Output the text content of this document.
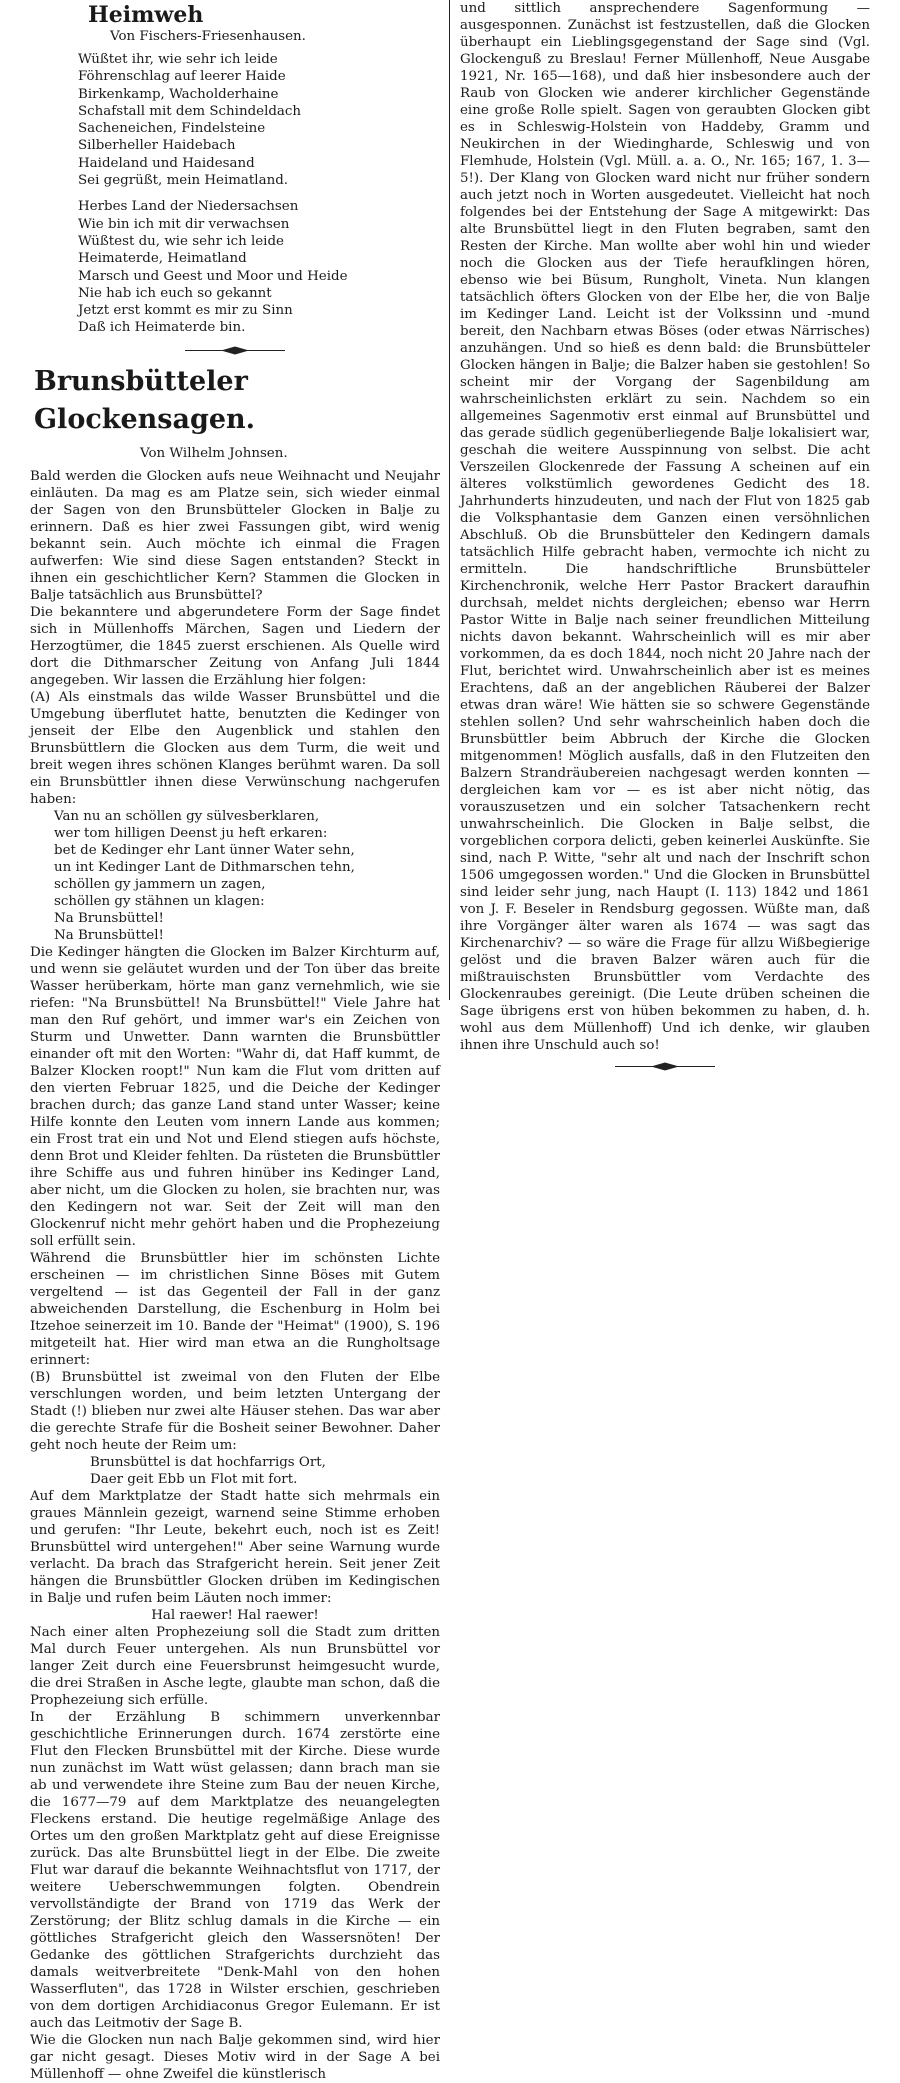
Heimweh
Von Fischers-Friesenhausen.
Wüßtet ihr, wie sehr ich leide
Föhrenschlag auf leerer Haide
Birkenkamp, Wacholderhaine
Schafstall mit dem Schindeldach
Sacheneichen, Findelsteine
Silberheller Haidebach
Haideland und Haidesand
Sei gegrüßt, mein Heimatland.
Herbes Land der Niedersachsen
Wie bin ich mit dir verwachsen
Wüßtest du, wie sehr ich leide
Heimaterde, Heimatland
Marsch und Geest und Moor und Heide
Nie hab ich euch so gekannt
Jetzt erst kommt es mir zu Sinn
Daß ich Heimaterde bin.
Brunsbütteler Glockensagen.
Von Wilhelm Johnsen.

Bald werden die Glocken aufs neue Weihnacht und Neujahr einläuten. Da mag es am Platze sein, sich wieder einmal der Sagen von den Brunsbütteler Glocken in Balje zu erinnern. Daß es hier zwei Fassungen gibt, wird wenig bekannt sein. Auch möchte ich einmal die Fragen aufwerfen: Wie sind diese Sagen entstanden? Steckt in ihnen ein geschichtlicher Kern? Stammen die Glocken in Balje tatsächlich aus Brunsbüttel?

Die bekanntere und abgerundetere Form der Sage findet sich in Müllenhoffs Märchen, Sagen und Liedern der Herzogtümer, die 1845 zuerst erschienen. Als Quelle wird dort die Dithmarscher Zeitung von Anfang Juli 1844 angegeben. Wir lassen die Erzählung hier folgen:

(A) Als einstmals das wilde Wasser Brunsbüttel und die Umgebung überflutet hatte, benutzten die Kedinger von jenseit der Elbe den Augenblick und stahlen den Brunsbüttlern die Glocken aus dem Turm, die weit und breit wegen ihres schönen Klanges berühmt waren. Da soll ein Brunsbüttler ihnen diese Verwünschung nachgerufen haben:

Van nu an schöllen gy sülvesberklaren,
wer tom hilligen Deenst ju heft erkaren:
bet de Kedinger ehr Lant ünner Water sehn,
un int Kedinger Lant de Dithmarschen tehn,
schöllen gy jammern un zagen,
schöllen gy stähnen un klagen:
Na Brunsbüttel!
Na Brunsbüttel!

Die Kedinger hängten die Glocken im Balzer Kirchturm auf, und wenn sie geläutet wurden und der Ton über das breite Wasser herüberkam, hörte man ganz vernehmlich, wie sie riefen: "Na Brunsbüttel! Na Brunsbüttel!" Viele Jahre hat man den Ruf gehört, und immer war's ein Zeichen von Sturm und Unwetter. Dann warnten die Brunsbüttler einander oft mit den Worten: "Wahr di, dat Haff kummt, de Balzer Klocken roopt!" Nun kam die Flut vom dritten auf den vierten Februar 1825, und die Deiche der Kedinger brachen durch; das ganze Land stand unter Wasser; keine Hilfe konnte den Leuten vom innern Lande aus kommen; ein Frost trat ein und Not und Elend stiegen aufs höchste, denn Brot und Kleider fehlten. Da rüsteten die Brunsbüttler ihre Schiffe aus und fuhren hinüber ins Kedinger Land, aber nicht, um die Glocken zu holen, sie brachten nur, was den Kedingern not war. Seit der Zeit will man den Glockenruf nicht mehr gehört haben und die Prophezeiung soll erfüllt sein.

Während die Brunsbüttler hier im schönsten Lichte erscheinen — im christlichen Sinne Böses mit Gutem vergeltend — ist das Gegenteil der Fall in der ganz abweichenden Darstellung, die Eschenburg in Holm bei Itzehoe seinerzeit im 10. Bande der "Heimat" (1900), S. 196 mitgeteilt hat. Hier wird man etwa an die Rungholtsage erinnert:

(B) Brunsbüttel ist zweimal von den Fluten der Elbe verschlungen worden, und beim letzten Untergang der Stadt (!) blieben nur zwei alte Häuser stehen. Das war aber die gerechte Strafe für die Bosheit seiner Bewohner. Daher geht noch heute der Reim um:

Brunsbüttel is dat hochfarrigs Ort,
Daer geit Ebb un Flot mit fort.

Auf dem Marktplatze der Stadt hatte sich mehrmals ein graues Männlein gezeigt, warnend seine Stimme erhoben und gerufen: "Ihr Leute, bekehrt euch, noch ist es Zeit! Brunsbüttel wird untergehen!" Aber seine Warnung wurde verlacht. Da brach das Strafgericht herein. Seit jener Zeit hängen die Brunsbüttler Glocken drüben im Kedingischen in Balje und rufen beim Läuten noch immer:

Hal raewer! Hal raewer!

Nach einer alten Prophezeiung soll die Stadt zum dritten Mal durch Feuer untergehen. Als nun Brunsbüttel vor langer Zeit durch eine Feuersbrunst heimgesucht wurde, die drei Straßen in Asche legte, glaubte man schon, daß die Prophezeiung sich erfülle.

In der Erzählung B schimmern unverkennbar geschichtliche Erinnerungen durch. 1674 zerstörte eine Flut den Flecken Brunsbüttel mit der Kirche. Diese wurde nun zunächst im Watt wüst gelassen; dann brach man sie ab und verwendete ihre Steine zum Bau der neuen Kirche, die 1677—79 auf dem Marktplatze des neuangelegten Fleckens erstand. Die heutige regelmäßige Anlage des Ortes um den großen Marktplatz geht auf diese Ereignisse zurück. Das alte Brunsbüttel liegt in der Elbe. Die zweite Flut war darauf die bekannte Weihnachtsflut von 1717, der weitere Ueberschwemmungen folgten. Obendrein vervollständigte der Brand von 1719 das Werk der Zerstörung; der Blitz schlug damals in die Kirche — ein göttliches Strafgericht gleich den Wassersnöten! Der Gedanke des göttlichen Strafgerichts durchzieht das damals weitverbreitete "Denk-Mahl von den hohen Wasserfluten", das 1728 in Wilster erschien, geschrieben von dem dortigen Archidiaconus Gregor Eulemann. Er ist auch das Leitmotiv der Sage B.

Wie die Glocken nun nach Balje gekommen sind, wird hier gar nicht gesagt. Dieses Motiv wird in der Sage A bei Müllenhoff — ohne Zweifel die künstlerisch

und sittlich ansprechendere Sagenformung — ausgesponnen. Zunächst ist festzustellen, daß die Glocken überhaupt ein Lieblingsgegenstand der Sage sind (Vgl. Glockenguß zu Breslau! Ferner Müllenhoff, Neue Ausgabe 1921, Nr. 165—168), und daß hier insbesondere auch der Raub von Glocken wie anderer kirchlicher Gegenstände eine große Rolle spielt. Sagen von geraubten Glocken gibt es in Schleswig-Holstein von Haddeby, Gramm und Neukirchen in der Wiedingharde, Schleswig und von Flemhude, Holstein (Vgl. Müll. a. a. O., Nr. 165; 167, 1. 3—5!). Der Klang von Glocken ward nicht nur früher sondern auch jetzt noch in Worten ausgedeutet. Vielleicht hat noch folgendes bei der Entstehung der Sage A mitgewirkt: Das alte Brunsbüttel liegt in den Fluten begraben, samt den Resten der Kirche. Man wollte aber wohl hin und wieder noch die Glocken aus der Tiefe heraufklingen hören, ebenso wie bei Büsum, Rungholt, Vineta. Nun klangen tatsächlich öfters Glocken von der Elbe her, die von Balje im Kedinger Land. Leicht ist der Volkssinn und -mund bereit, den Nachbarn etwas Böses (oder etwas Närrisches) anzuhängen. Und so hieß es denn bald: die Brunsbütteler Glocken hängen in Balje; die Balzer haben sie gestohlen! So scheint mir der Vorgang der Sagenbildung am wahrscheinlichsten erklärt zu sein. Nachdem so ein allgemeines Sagenmotiv erst einmal auf Brunsbüttel und das gerade südlich gegenüberliegende Balje lokalisiert war, geschah die weitere Ausspinnung von selbst. Die acht Verszeilen Glockenrede der Fassung A scheinen auf ein älteres volkstümlich gewordenes Gedicht des 18. Jahrhunderts hinzudeuten, und nach der Flut von 1825 gab die Volksphantasie dem Ganzen einen versöhnlichen Abschluß. Ob die Brunsbütteler den Kedingern damals tatsächlich Hilfe gebracht haben, vermochte ich nicht zu ermitteln. Die handschriftliche Brunsbütteler Kirchenchronik, welche Herr Pastor Brackert daraufhin durchsah, meldet nichts dergleichen; ebenso war Herrn Pastor Witte in Balje nach seiner freundlichen Mitteilung nichts davon bekannt. Wahrscheinlich will es mir aber vorkommen, da es doch 1844, noch nicht 20 Jahre nach der Flut, berichtet wird. Unwahrscheinlich aber ist es meines Erachtens, daß an der angeblichen Räuberei der Balzer etwas dran wäre! Wie hätten sie so schwere Gegenstände stehlen sollen? Und sehr wahrscheinlich haben doch die Brunsbüttler beim Abbruch der Kirche die Glocken mitgenommen! Möglich ausfalls, daß in den Flutzeiten den Balzern Strandräubereien nachgesagt werden konnten — dergleichen kam vor — es ist aber nicht nötig, das vorauszusetzen und ein solcher Tatsachenkern recht unwahrscheinlich. Die Glocken in Balje selbst, die vorgeblichen corpora delicti, geben keinerlei Auskünfte. Sie sind, nach P. Witte, "sehr alt und nach der Inschrift schon 1506 umgegossen worden." Und die Glocken in Brunsbüttel sind leider sehr jung, nach Haupt (I. 113) 1842 und 1861 von J. F. Beseler in Rendsburg gegossen. Wüßte man, daß ihre Vorgänger älter waren als 1674 — was sagt das Kirchenarchiv? — so wäre die Frage für allzu Wißbegierige gelöst und die braven Balzer wären auch für die mißtrauischsten Brunsbüttler vom Verdachte des Glockenraubes gereinigt. (Die Leute drüben scheinen die Sage übrigens erst von hüben bekommen zu haben, d. h. wohl aus dem Müllenhoff) Und ich denke, wir glauben ihnen ihre Unschuld auch so!
